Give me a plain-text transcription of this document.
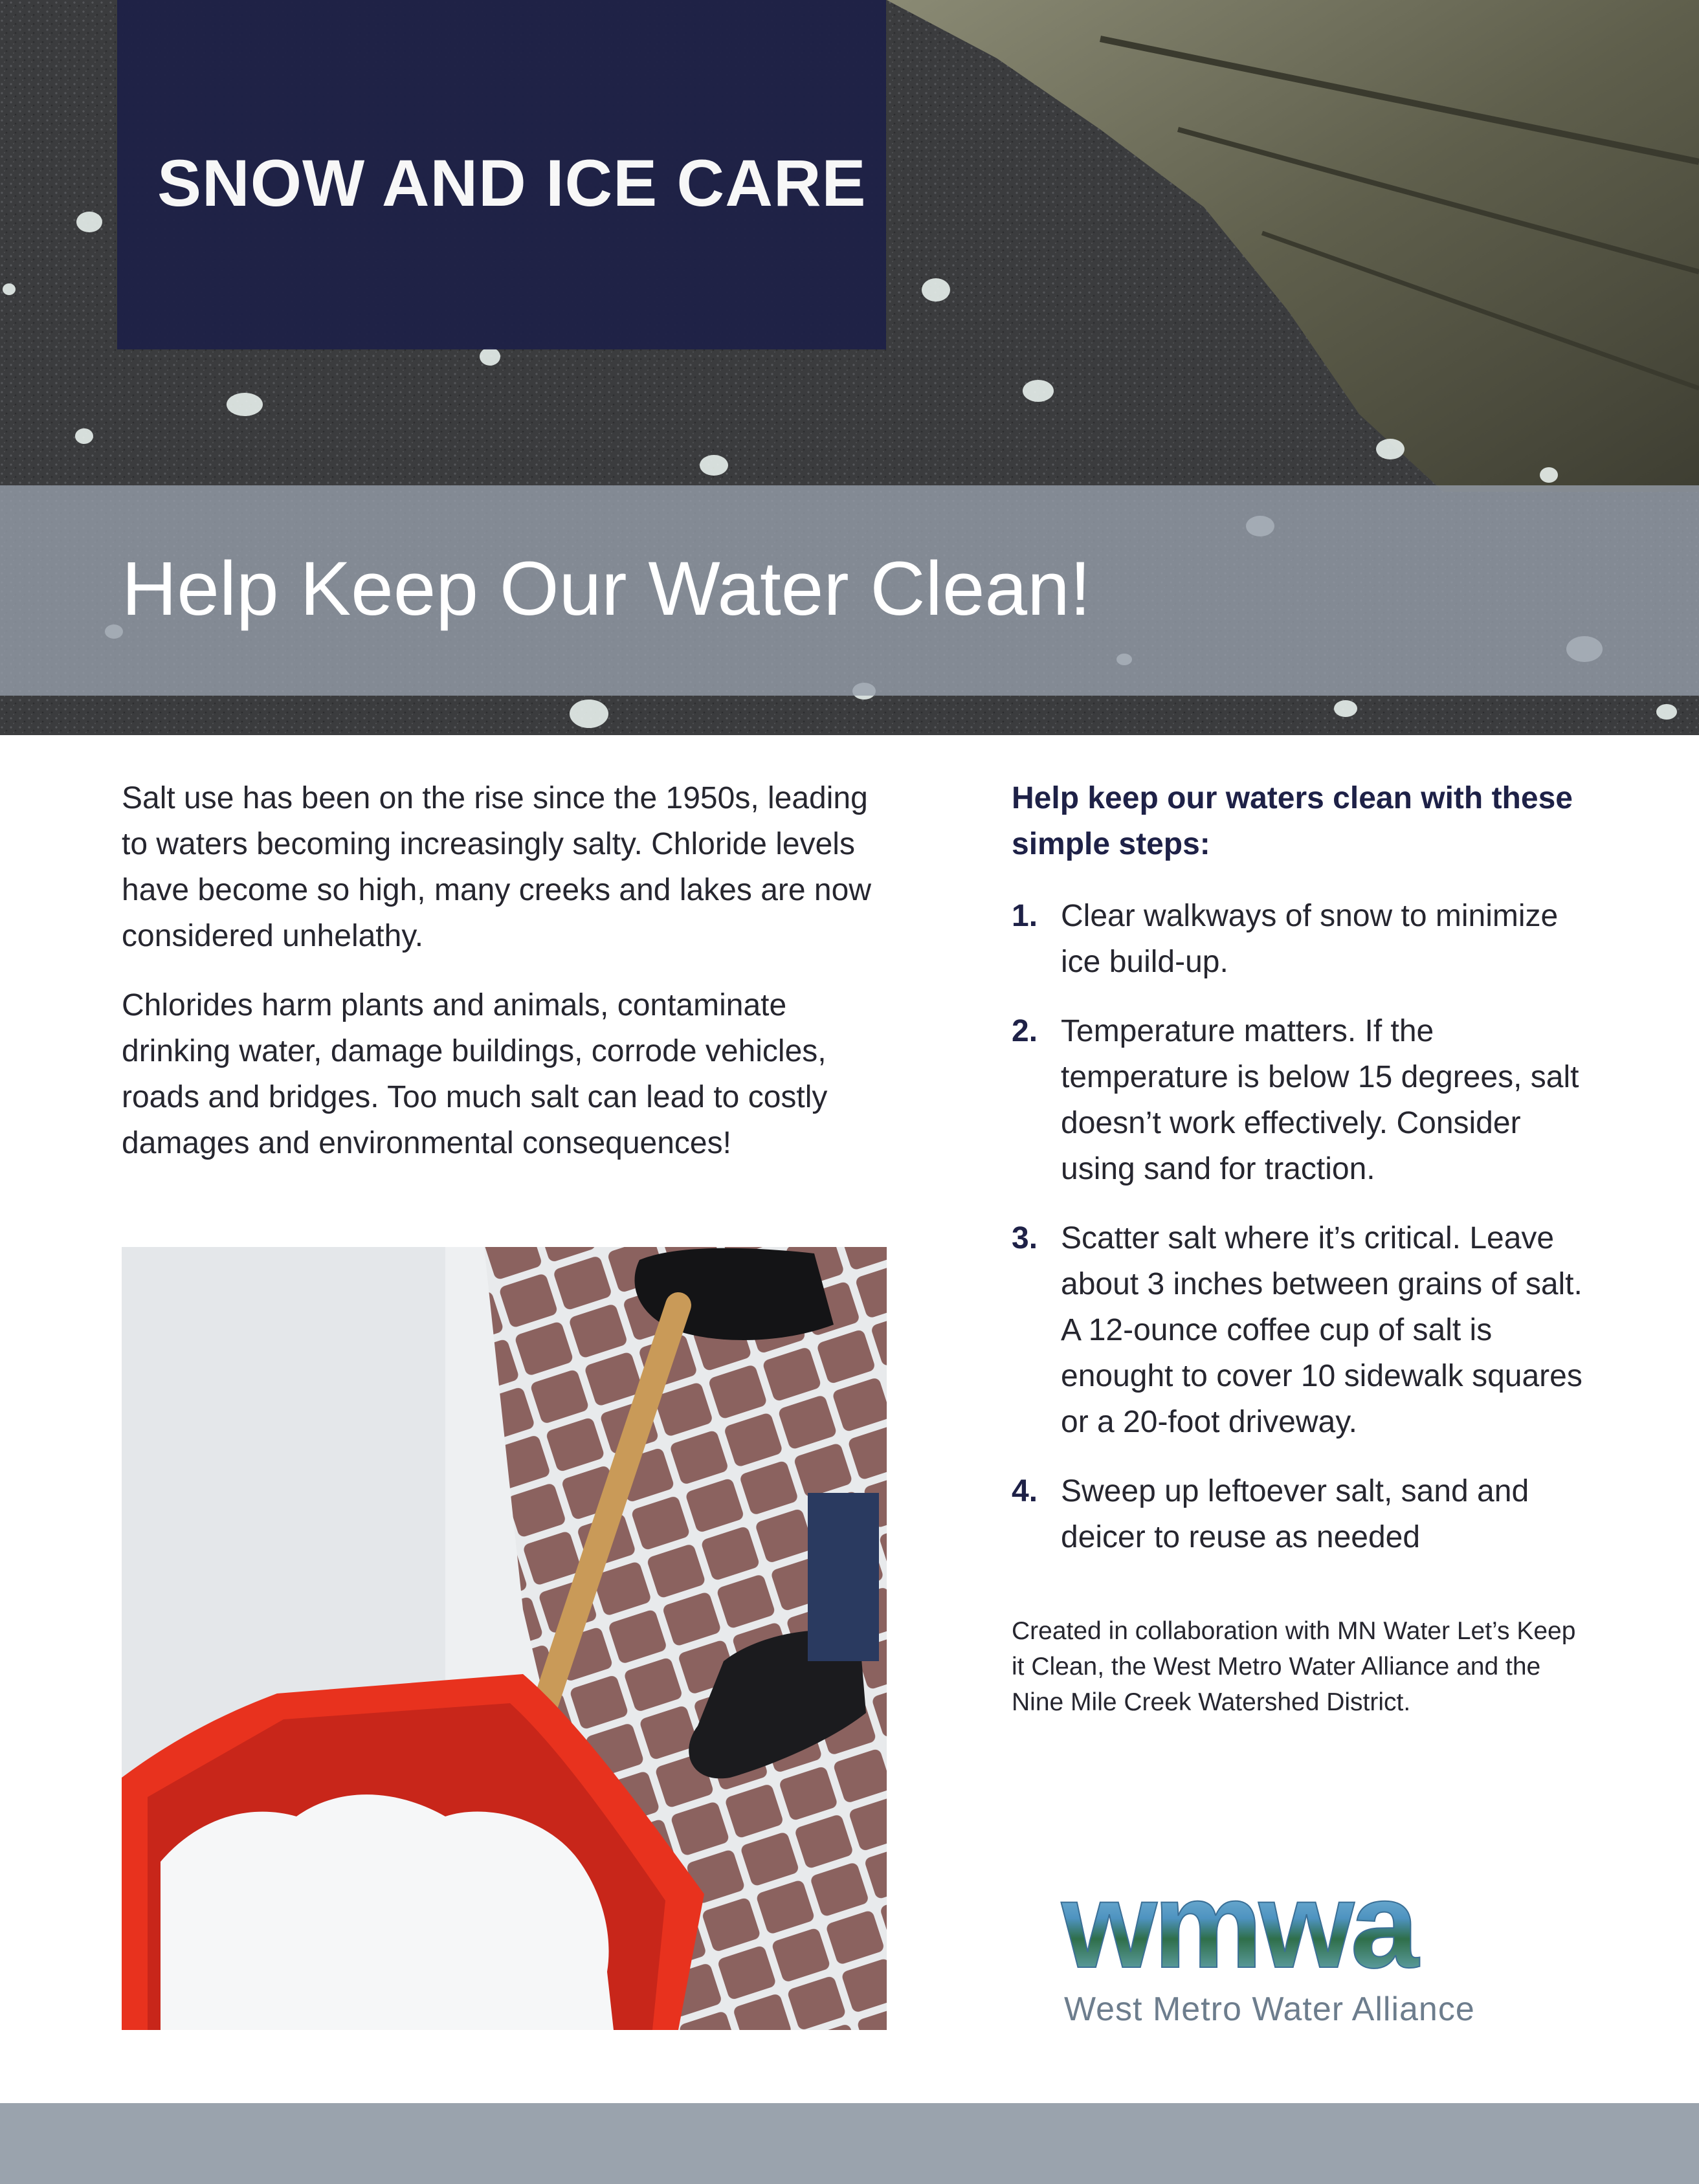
SNOW AND ICE CARE
Help Keep Our Water Clean!

Salt use has been on the rise since the 1950s, leading to waters becoming increasingly salty. Chloride levels have become so high, many creeks and lakes are now considered unhelathy.

Chlorides harm plants and animals, contaminate drinking water, damage buildings, corrode vehicles, roads and bridges. Too much salt can lead to costly damages and environmental consequences!

Help keep our waters clean with these simple steps:
1. Clear walkways of snow to minimize ice build-up.
2. Temperature matters. If the temperature is below 15 degrees, salt doesn’t work effectively. Consider using sand for traction.
3. Scatter salt where it’s critical. Leave about 3 inches between grains of salt. A 12-ounce coffee cup of salt is enought to cover 10 sidewalk squares or a 20-foot driveway.
4. Sweep up leftoever salt, sand and deicer to reuse as needed

Created in collaboration with MN Water Let’s Keep it Clean, the West Metro Water Alliance and the Nine Mile Creek Watershed District.

wmwa

West Metro Water Alliance
